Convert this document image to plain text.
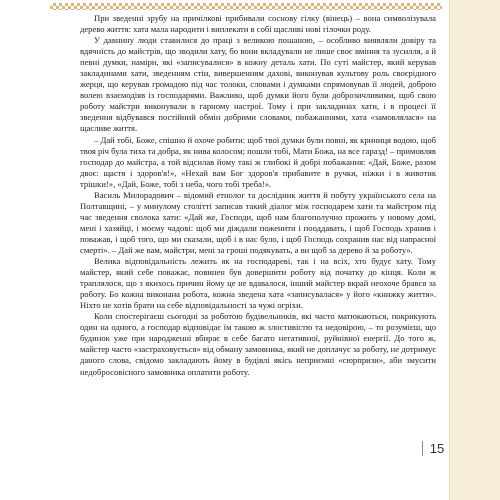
При зведенні зрубу на причілкові прибивали соснову гілку (вінець) – вона символізувала дерево життя: хата мала народити і виплекати в собі щасливі нові гілочки роду.

У давнину люди ставилися до праці з великою пошаною, – особливо виявляли довіру та вдячність до майстрів, що зводили хату, бо вони вкладували не лише своє вміння та зусилля, а й певні думки, наміри, які «записувалися» в кожну деталь хати. По суті майстер, який керував закладинами хати, зведенням стін, вивершенням дахові, виконував культову роль своєрідного жерця, що керував громадою під час толоки, словами і думками спрямовував її людей, доброю волею взаємодіяв із господарями. Важливо, щоб думки його були доброзичливими, щоб свою роботу майстри виконували в гарному настрої. Тому і при закладинах хати, і в процесі її зведення відбувався постійний обмін добрими словами, побажаннями, хата «замовлялася» на щасливе життя.

– Дай тобі, Боже, спішно й охоче робити: щоб твої думки були повні, як криниця водою, щоб твоя річ була тиха та добра, як нива колосом; пошли тобі, Мати Божа, на все гаразд! – примовляв господар до майстра, а той відсилав йому такі ж глибокі й добрі побажання: «Дай, Боже, разом двоє: щастя і здоров'я!», «Нехай вам Бог здоров'я прибавите в ручки, ніжки і в животик трішки!», «Дай, Боже, тобі з неба, чого тобі треба!».

Василь Милорадович – відомий етнолог та дослідник життя й побуту українського села на Полтавщині, – у минулому столітті записав такий діалог між господарем хати та майстром під час зведення сволока хати: «Дай же, Господи, щоб нам благополучно прожить у новому домі, мені і хазяйці, і моєму чадові: щоб ми діждали поженити і пооддавать, і щоб Господь хранив і поважав, і щоб того, що ми сказали, щоб і в нас було, і щоб Господь сохранив нас від напрасної смерті». – Дай же вам, майстри, мені за гроші подякувать, а ви щоб за дерево й за роботу».

Велика відповідальність лежить як на господареві, так і на всіх, хто будує хату. Тому майстер, який себе поважає, повинен був довершити роботу від початку до кінця. Коли ж траплялося, що з якихось причин йому це не вдавалося, інший майстер вкрай неохоче брався за роботу. Бо кожна виконана робота, кожна зведена хата «записувалася» у його «книжку життя». Ніхто не хотів брати на себе відповідальності за чужі огріхи.

Коли спостерігаєш сьогодні за роботою будівельників, які часто матюкаються, покрикують один на одного, а господар відповідає їм такою ж злостивістю та недовірою, – то розумієш, що будинок уже при народженні вбирає в себе багато негативної, руйнівної енергії. До того ж, майстер часто «застраховується» від обману замовника, який не доплачує за роботу, не дотримує даного слова, свідомо закладають йому в будівлі якісь неприємні «сюрпризи», аби змусити недобросовісного замовника оплатити роботу.

15
